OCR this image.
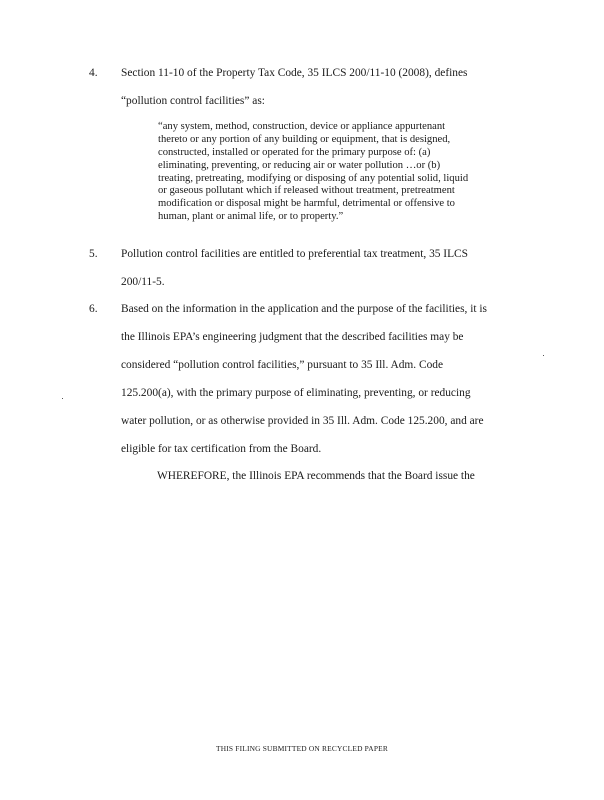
4. Section 11-10 of the Property Tax Code, 35 ILCS 200/11-10 (2008), defines
“pollution control facilities” as:
“any system, method, construction, device or appliance appurtenant
thereto or any portion of any building or equipment, that is designed,
constructed, installed or operated for the primary purpose of: (a)
eliminating, preventing, or reducing air or water pollution …or (b)
treating, pretreating, modifying or disposing of any potential solid, liquid
or gaseous pollutant which if released without treatment, pretreatment
modification or disposal might be harmful, detrimental or offensive to
human, plant or animal life, or to property.”
5. Pollution control facilities are entitled to preferential tax treatment, 35 ILCS
200/11-5.
6. Based on the information in the application and the purpose of the facilities, it is
the Illinois EPA’s engineering judgment that the described facilities may be
considered “pollution control facilities,” pursuant to 35 Ill. Adm. Code
125.200(a), with the primary purpose of eliminating, preventing, or reducing
water pollution, or as otherwise provided in 35 Ill. Adm. Code 125.200, and are
eligible for tax certification from the Board.
WHEREFORE, the Illinois EPA recommends that the Board issue the
THIS FILING SUBMITTED ON RECYCLED PAPER
